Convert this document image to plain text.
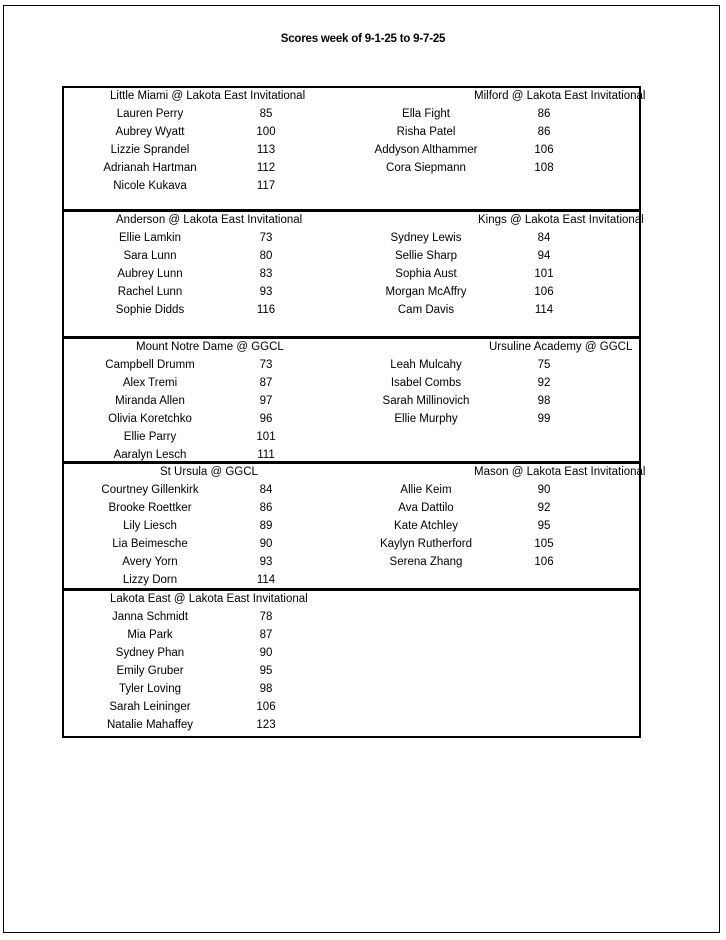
Scores week of 9-1-25 to 9-7-25
Little Miami @ Lakota East Invitational
Lauren Perry	85
Aubrey Wyatt	100
Lizzie Sprandel	113
Adrianah Hartman	112
Nicole Kukava	117
Milford @ Lakota East Invitational
Ella Fight	86
Risha Patel	86
Addyson Althammer	106
Cora Siepmann	108
Anderson @ Lakota East Invitational
Ellie Lamkin	73
Sara Lunn	80
Aubrey Lunn	83
Rachel Lunn	93
Sophie Didds	116
Kings @ Lakota East Invitational
Sydney Lewis	84
Sellie Sharp	94
Sophia Aust	101
Morgan McAffry	106
Cam Davis	114
Mount Notre Dame @ GGCL
Campbell Drumm	73
Alex Tremi	87
Miranda Allen	97
Olivia Koretchko	96
Ellie Parry	101
Aaralyn Lesch	111
Ursuline Academy @ GGCL
Leah Mulcahy	75
Isabel Combs	92
Sarah Millinovich	98
Ellie Murphy	99
St Ursula @ GGCL
Courtney Gillenkirk	84
Brooke Roettker	86
Lily Liesch	89
Lia Beimesche	90
Avery Yorn	93
Lizzy Dorn	114
Mason @ Lakota East Invitational
Allie Keim	90
Ava Dattilo	92
Kate Atchley	95
Kaylyn Rutherford	105
Serena Zhang	106
Lakota East @ Lakota East Invitational
Janna Schmidt	78
Mia Park	87
Sydney Phan	90
Emily Gruber	95
Tyler Loving	98
Sarah Leininger	106
Natalie Mahaffey	123
